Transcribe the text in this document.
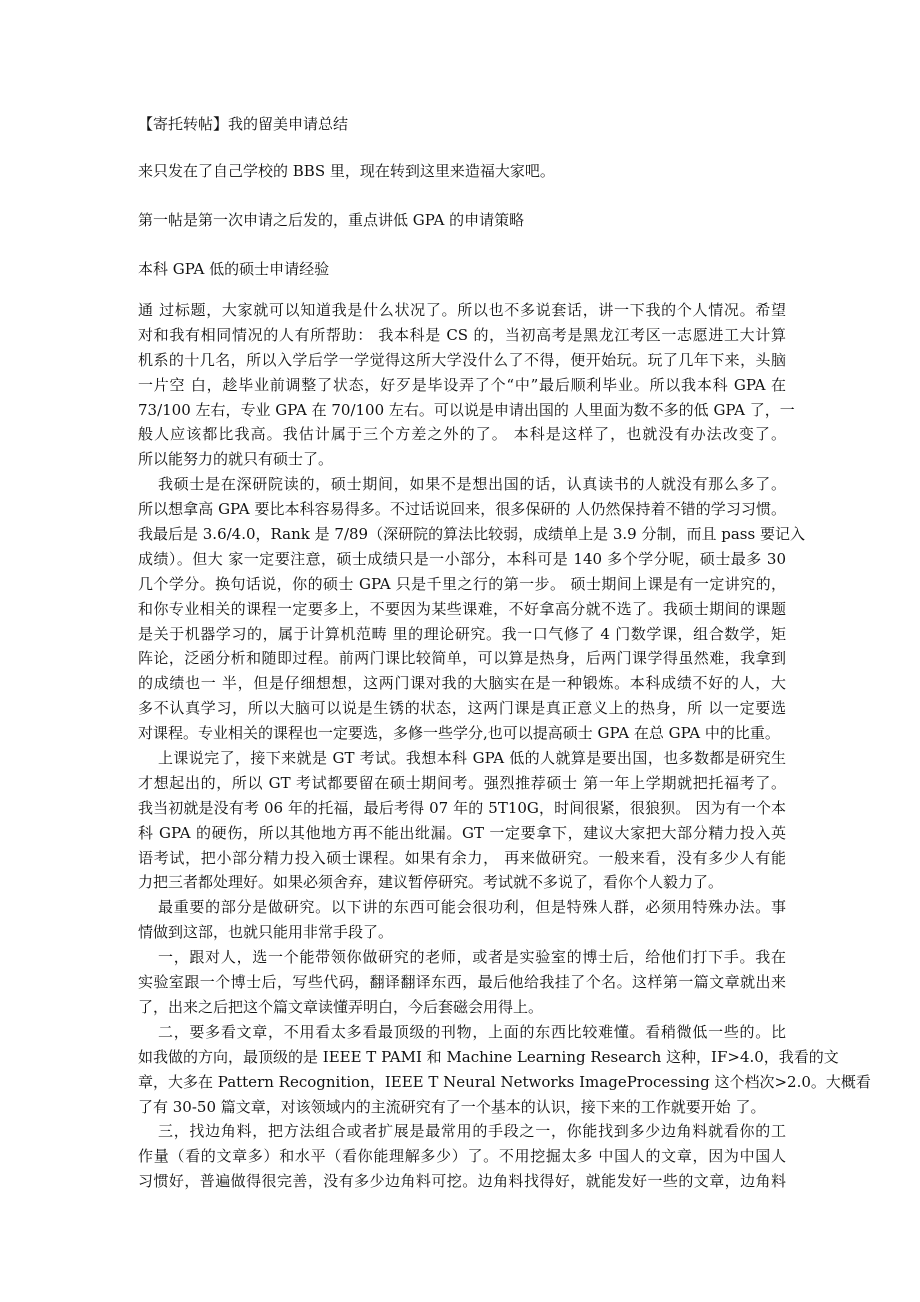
【寄托转帖】我的留美申请总结

来只发在了自己学校的 BBS 里，现在转到这里来造福大家吧。

第一帖是第一次申请之后发的，重点讲低 GPA 的申请策略

本科 GPA 低的硕士申请经验

通 过标题，大家就可以知道我是什么状况了。所以也不多说套话，讲一下我的个人情况。希望
对和我有相同情况的人有所帮助： 我本科是 CS 的，当初高考是黑龙江考区一志愿进工大计算
机系的十几名，所以入学后学一学觉得这所大学没什么了不得，便开始玩。玩了几年下来，头脑
一片空 白，趁毕业前调整了状态，好歹是毕设弄了个“中”最后顺利毕业。所以我本科 GPA 在
73/100 左右，专业 GPA 在 70/100 左右。可以说是申请出国的 人里面为数不多的低 GPA 了，一
般人应该都比我高。我估计属于三个方差之外的了。 本科是这样了，也就没有办法改变了。
所以能努力的就只有硕士了。
我硕士是在深研院读的，硕士期间，如果不是想出国的话，认真读书的人就没有那么多了。
所以想拿高 GPA 要比本科容易得多。不过话说回来，很多保研的 人仍然保持着不错的学习习惯。
我最后是 3.6/4.0，Rank 是 7/89（深研院的算法比较弱，成绩单上是 3.9 分制，而且 pass 要记入
成绩）。但大 家一定要注意，硕士成绩只是一小部分，本科可是 140 多个学分呢，硕士最多 30
几个学分。换句话说，你的硕士 GPA 只是千里之行的第一步。 硕士期间上课是有一定讲究的，
和你专业相关的课程一定要多上，不要因为某些课难，不好拿高分就不选了。我硕士期间的课题
是关于机器学习的，属于计算机范畴 里的理论研究。我一口气修了 4 门数学课，组合数学，矩
阵论，泛函分析和随即过程。前两门课比较简单，可以算是热身，后两门课学得虽然难，我拿到
的成绩也一 半，但是仔细想想，这两门课对我的大脑实在是一种锻炼。本科成绩不好的人，大
多不认真学习，所以大脑可以说是生锈的状态，这两门课是真正意义上的热身，所 以一定要选
对课程。专业相关的课程也一定要选，多修一些学分,也可以提高硕士 GPA 在总 GPA 中的比重。
上课说完了，接下来就是 GT 考试。我想本科 GPA 低的人就算是要出国，也多数都是研究生
才想起出的，所以 GT 考试都要留在硕士期间考。强烈推荐硕士 第一年上学期就把托福考了。
我当初就是没有考 06 年的托福，最后考得 07 年的 5T10G，时间很紧，很狼狈。 因为有一个本
科 GPA 的硬伤，所以其他地方再不能出纰漏。GT 一定要拿下，建议大家把大部分精力投入英
语考试，把小部分精力投入硕士课程。如果有余力， 再来做研究。一般来看，没有多少人有能
力把三者都处理好。如果必须舍弃，建议暂停研究。考试就不多说了，看你个人毅力了。
最重要的部分是做研究。以下讲的东西可能会很功利，但是特殊人群，必须用特殊办法。事
情做到这部，也就只能用非常手段了。
一，跟对人，选一个能带领你做研究的老师，或者是实验室的博士后，给他们打下手。我在
实验室跟一个博士后，写些代码，翻译翻译东西，最后他给我挂了个名。这样第一篇文章就出来
了，出来之后把这个篇文章读懂弄明白，今后套磁会用得上。
二，要多看文章，不用看太多看最顶级的刊物，上面的东西比较难懂。看稍微低一些的。比
如我做的方向，最顶级的是 IEEE T PAMI 和 Machine Learning Research 这种，IF>4.0，我看的文
章，大多在 Pattern Recognition，IEEE T Neural Networks ImageProcessing 这个档次>2.0。大概看
了有 30-50 篇文章，对该领域内的主流研究有了一个基本的认识，接下来的工作就要开始 了。
三，找边角料，把方法组合或者扩展是最常用的手段之一，你能找到多少边角料就看你的工
作量（看的文章多）和水平（看你能理解多少）了。不用挖掘太多 中国人的文章，因为中国人
习惯好，普遍做得很完善，没有多少边角料可挖。边角料找得好，就能发好一些的文章，边角料
